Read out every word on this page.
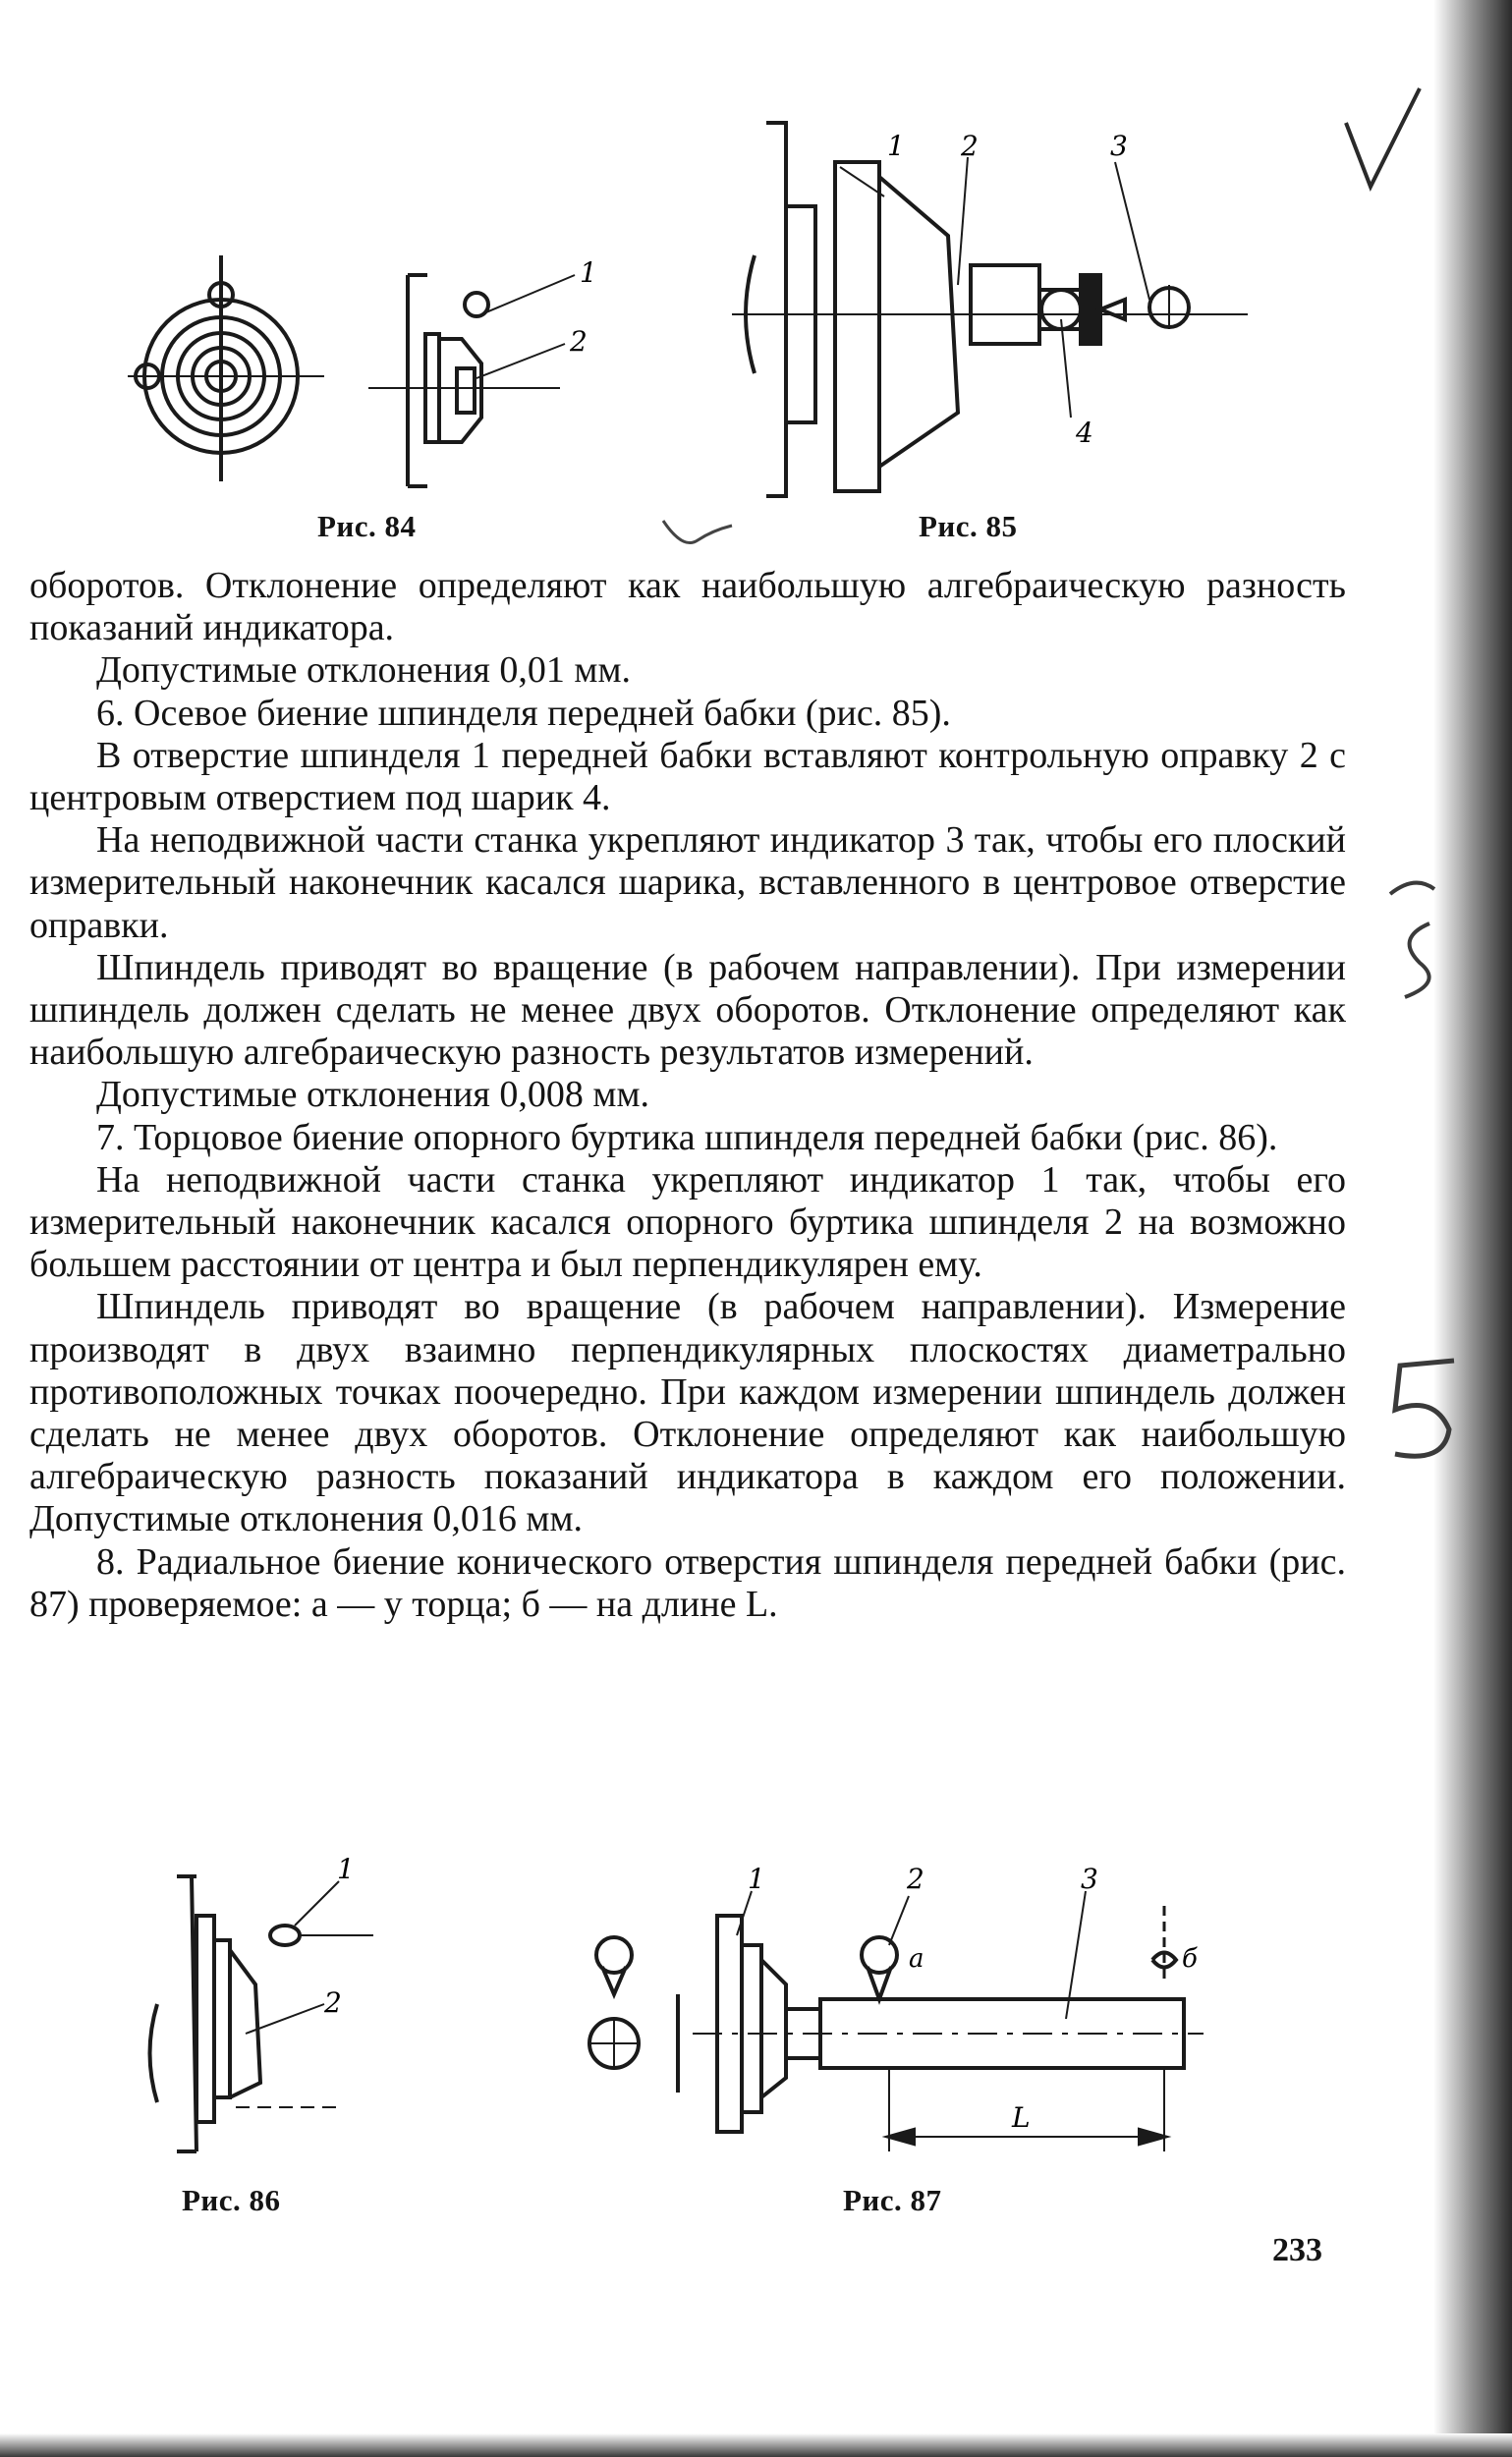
1
2
Рис. 84
1 2	3
4
Рис. 85

оборотов. Отклонение определяют как наибольшую алгебраическую разность показаний индикатора.

Допустимые отклонения 0,01 мм.

6. Осевое биение шпинделя передней бабки (рис. 85).

В отверстие шпинделя 1 передней бабки вставляют контрольную оправку 2 с центровым отверстием под шарик 4.

На неподвижной части станка укрепляют индикатор 3 так, чтобы его плоский измерительный наконечник касался шарика, вставленного в центровое отверстие оправки.

Шпиндель приводят во вращение (в рабочем направлении). При измерении шпиндель должен сделать не менее двух оборотов. Отклонение определяют как наибольшую алгебраическую разность результатов измерений.

Допустимые отклонения 0,008 мм.

7. Торцовое биение опорного буртика шпинделя передней бабки (рис. 86).

На неподвижной части станка укрепляют индикатор 1 так, чтобы его измерительный наконечник касался опорного буртика шпинделя 2 на возможно большем расстоянии от центра и был перпендикулярен ему.

Шпиндель приводят во вращение (в рабочем направлении). Измерение производят в двух взаимно перпендикулярных плоскостях диаметрально противоположных точках поочередно. При каждом измерении шпиндель должен сделать не менее двух оборотов. Отклонение определяют как наибольшую алгебраическую разность показаний индикатора в каждом его положении. Допустимые отклонения 0,016 мм.

8. Радиальное биение конического отверстия шпинделя передней бабки (рис. 87) проверяемое: а — у торца; б — на длине L.

1
2
Рис. 86
1	2	3
a	б
L
Рис. 87
233
